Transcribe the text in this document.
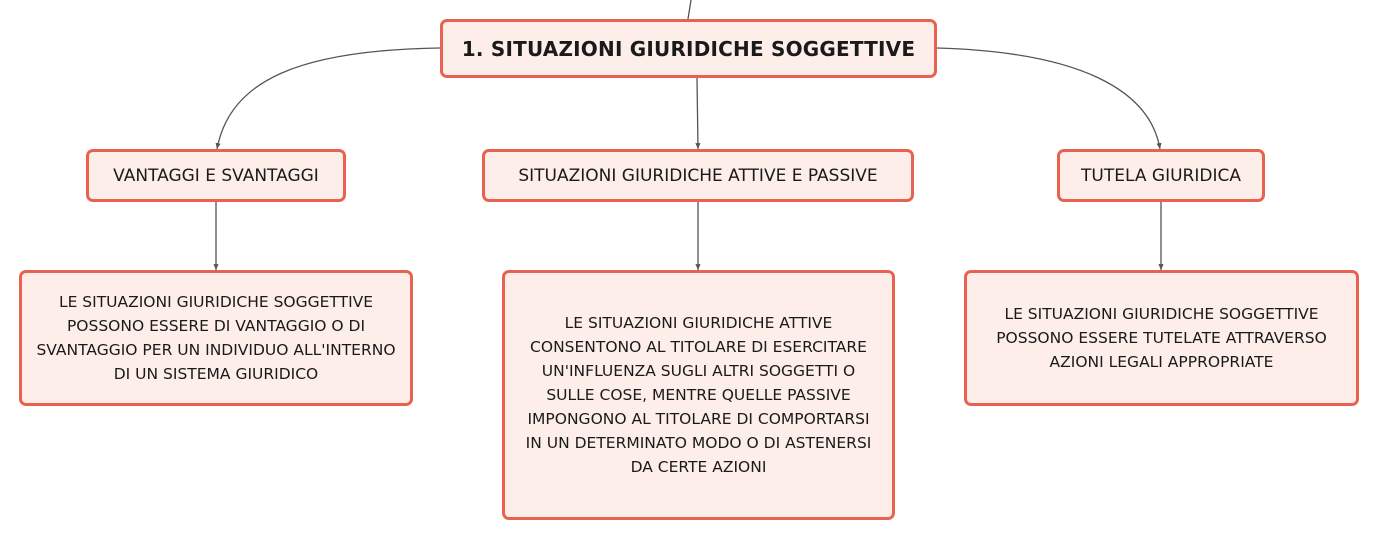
1. SITUAZIONI GIURIDICHE SOGGETTIVE
VANTAGGI E SVANTAGGI	SITUAZIONI GIURIDICHE ATTIVE E PASSIVE	TUTELA GIURIDICA
LE SITUAZIONI GIURIDICHE SOGGETTIVE POSSONO ESSERE DI VANTAGGIO O DI SVANTAGGIO PER UN INDIVIDUO ALL'INTERNO DI UN SISTEMA GIURIDICO
LE SITUAZIONI GIURIDICHE ATTIVE CONSENTONO AL TITOLARE DI ESERCITARE UN'INFLUENZA SUGLI ALTRI SOGGETTI O SULLE COSE, MENTRE QUELLE PASSIVE IMPONGONO AL TITOLARE DI COMPORTARSI IN UN DETERMINATO MODO O DI ASTENERSI DA CERTE AZIONI
LE SITUAZIONI GIURIDICHE SOGGETTIVE POSSONO ESSERE TUTELATE ATTRAVERSO AZIONI LEGALI APPROPRIATE
